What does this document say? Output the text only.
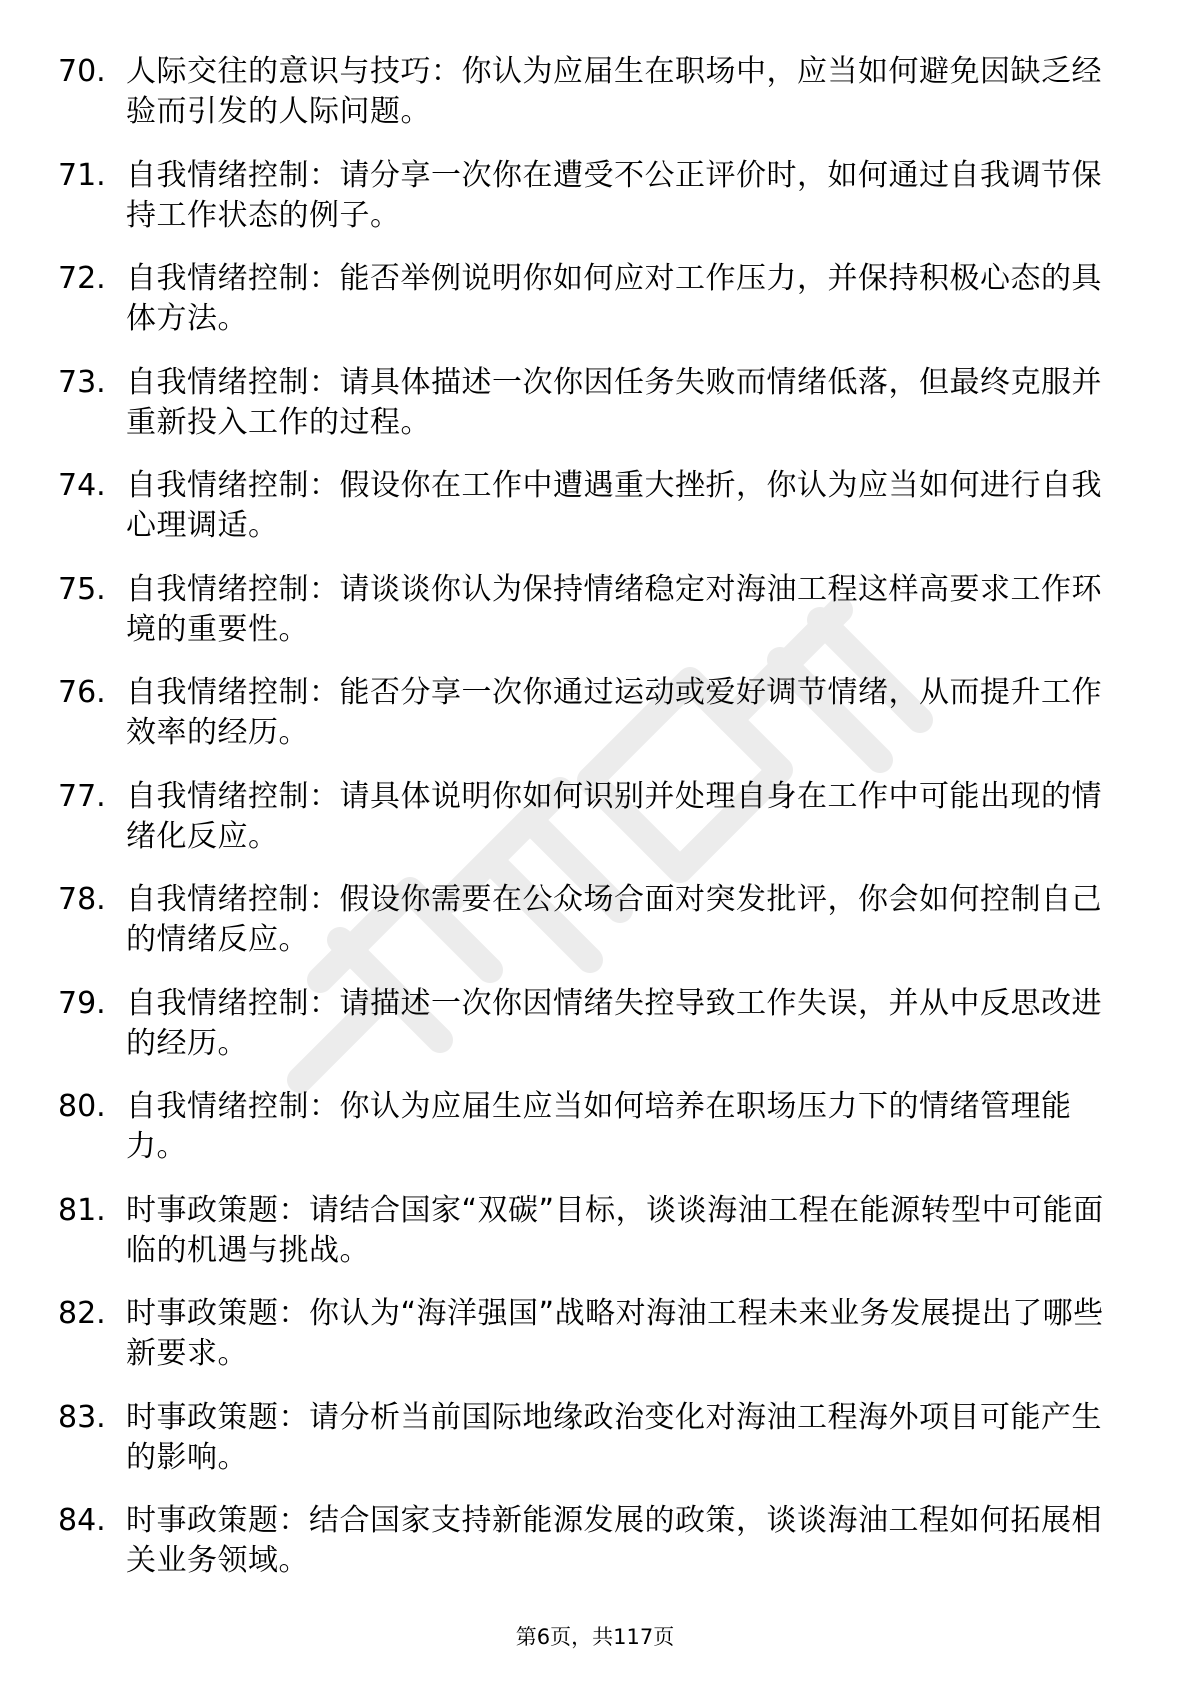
70. 人际交往的意识与技巧：你认为应届生在职场中，应当如何避免因缺乏经验而引发的人际问题。
71. 自我情绪控制：请分享一次你在遭受不公正评价时，如何通过自我调节保持工作状态的例子。
72. 自我情绪控制：能否举例说明你如何应对工作压力，并保持积极心态的具体方法。
73. 自我情绪控制：请具体描述一次你因任务失败而情绪低落，但最终克服并重新投入工作的过程。
74. 自我情绪控制：假设你在工作中遭遇重大挫折，你认为应当如何进行自我心理调适。
75. 自我情绪控制：请谈谈你认为保持情绪稳定对海油工程这样高要求工作环境的重要性。
76. 自我情绪控制：能否分享一次你通过运动或爱好调节情绪，从而提升工作效率的经历。
77. 自我情绪控制：请具体说明你如何识别并处理自身在工作中可能出现的情绪化反应。
78. 自我情绪控制：假设你需要在公众场合面对突发批评，你会如何控制自己的情绪反应。
79. 自我情绪控制：请描述一次你因情绪失控导致工作失误，并从中反思改进的经历。
80. 自我情绪控制：你认为应届生应当如何培养在职场压力下的情绪管理能力。
81. 时事政策题：请结合国家“双碳”目标，谈谈海油工程在能源转型中可能面临的机遇与挑战。
82. 时事政策题：你认为“海洋强国”战略对海油工程未来业务发展提出了哪些新要求。
83. 时事政策题：请分析当前国际地缘政治变化对海油工程海外项目可能产生的影响。
84. 时事政策题：结合国家支持新能源发展的政策，谈谈海油工程如何拓展相关业务领域。
第6页，共117页
